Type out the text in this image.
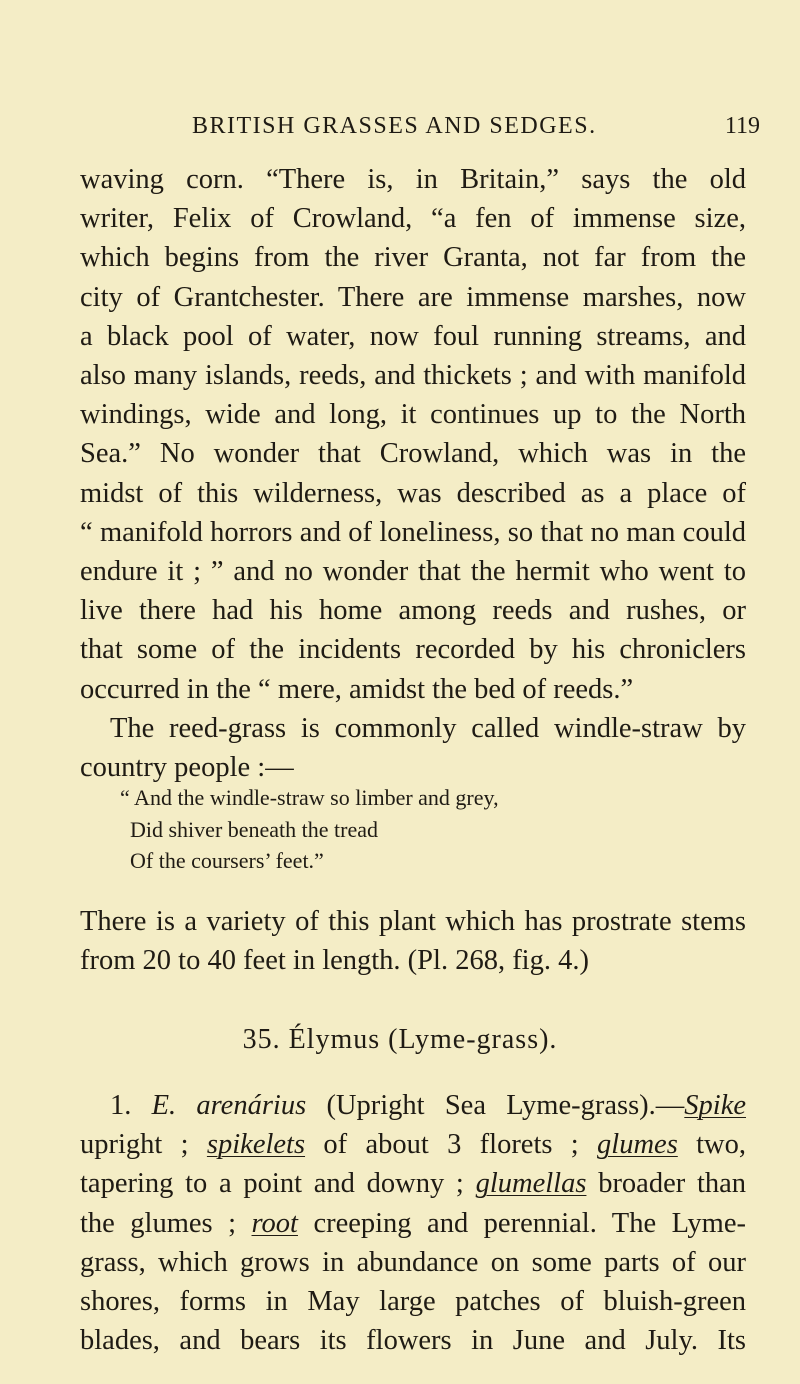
BRITISH GRASSES AND SEDGES.	119
waving corn. “There is, in Britain,” says the old
writer, Felix of Crowland, “a fen of immense size,
which begins from the river Granta, not far from the
city of Grantchester. There are immense marshes, now
a black pool of water, now foul running streams, and
also many islands, reeds, and thickets ; and with manifold
windings, wide and long, it continues up to the North
Sea.” No wonder that Crowland, which was in the
midst of this wilderness, was described as a place of
“ manifold horrors and of loneliness, so that no man could
endure it ; ” and no wonder that the hermit who went to
live there had his home among reeds and rushes, or
that some of the incidents recorded by his chroniclers
occurred in the “ mere, amidst the bed of reeds.”
The reed-grass is commonly called windle-straw by
country people :—
“ And the windle-straw so limber and grey,
Did shiver beneath the tread
Of the coursers’ feet.”
There is a variety of this plant which has prostrate stems
from 20 to 40 feet in length. (Pl. 268, fig. 4.)
35. Élymus (Lyme-grass).
1. E. arenárius (Upright Sea Lyme-grass).—Spike
upright ; spikelets of about 3 florets ; glumes two,
tapering to a point and downy ; glumellas broader than
the glumes ; root creeping and perennial. The Lyme-
grass, which grows in abundance on some parts of our
shores, forms in May large patches of bluish-green
blades, and bears its flowers in June and July. Its
